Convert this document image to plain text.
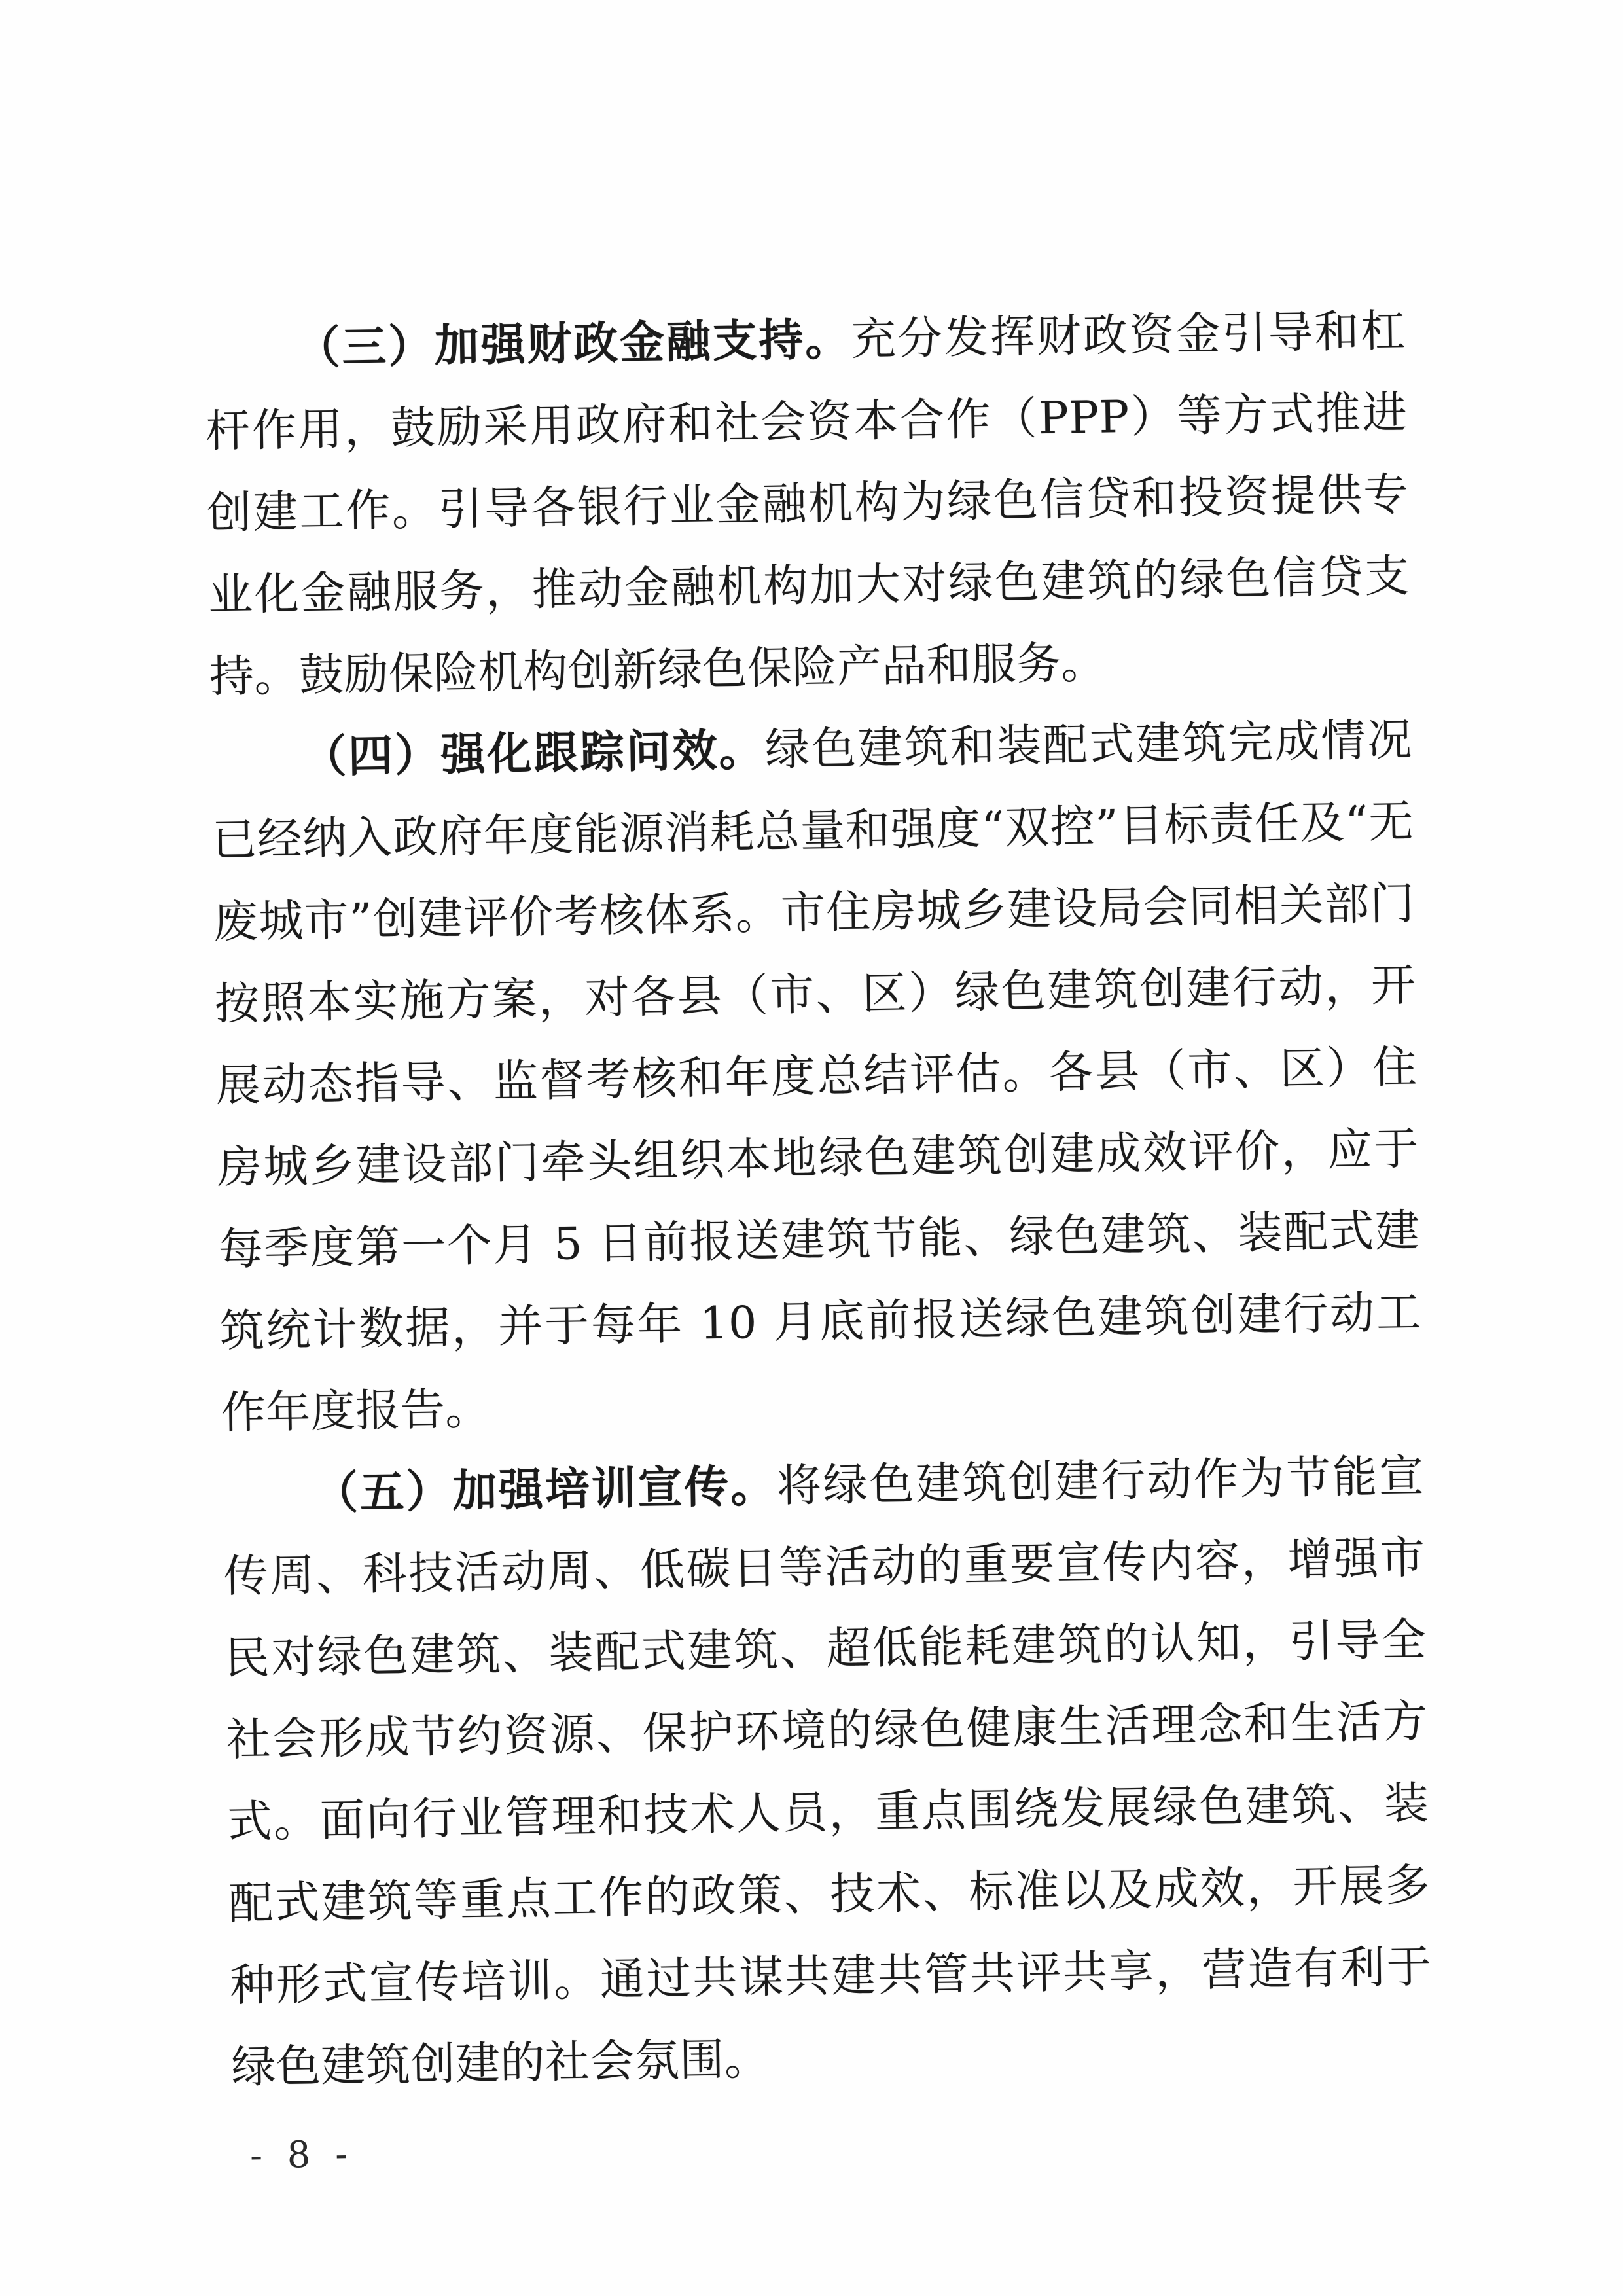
（三）加强财政金融支持。充分发挥财政资金引导和杠杆作用，鼓励采用政府和社会资本合作（PPP）等方式推进创建工作。引导各银行业金融机构为绿色信贷和投资提供专业化金融服务，推动金融机构加大对绿色建筑的绿色信贷支持。鼓励保险机构创新绿色保险产品和服务。

（四）强化跟踪问效。绿色建筑和装配式建筑完成情况已经纳入政府年度能源消耗总量和强度“双控”目标责任及“无废城市”创建评价考核体系。市住房城乡建设局会同相关部门按照本实施方案，对各县（市、区）绿色建筑创建行动，开展动态指导、监督考核和年度总结评估。各县（市、区）住房城乡建设部门牵头组织本地绿色建筑创建成效评价，应于每季度第一个月 5 日前报送建筑节能、绿色建筑、装配式建筑统计数据，并于每年 10 月底前报送绿色建筑创建行动工作年度报告。

（五）加强培训宣传。将绿色建筑创建行动作为节能宣传周、科技活动周、低碳日等活动的重要宣传内容，增强市民对绿色建筑、装配式建筑、超低能耗建筑的认知，引导全社会形成节约资源、保护环境的绿色健康生活理念和生活方式。面向行业管理和技术人员，重点围绕发展绿色建筑、装配式建筑等重点工作的政策、技术、标准以及成效，开展多种形式宣传培训。通过共谋共建共管共评共享，营造有利于绿色建筑创建的社会氛围。

- 8 -
